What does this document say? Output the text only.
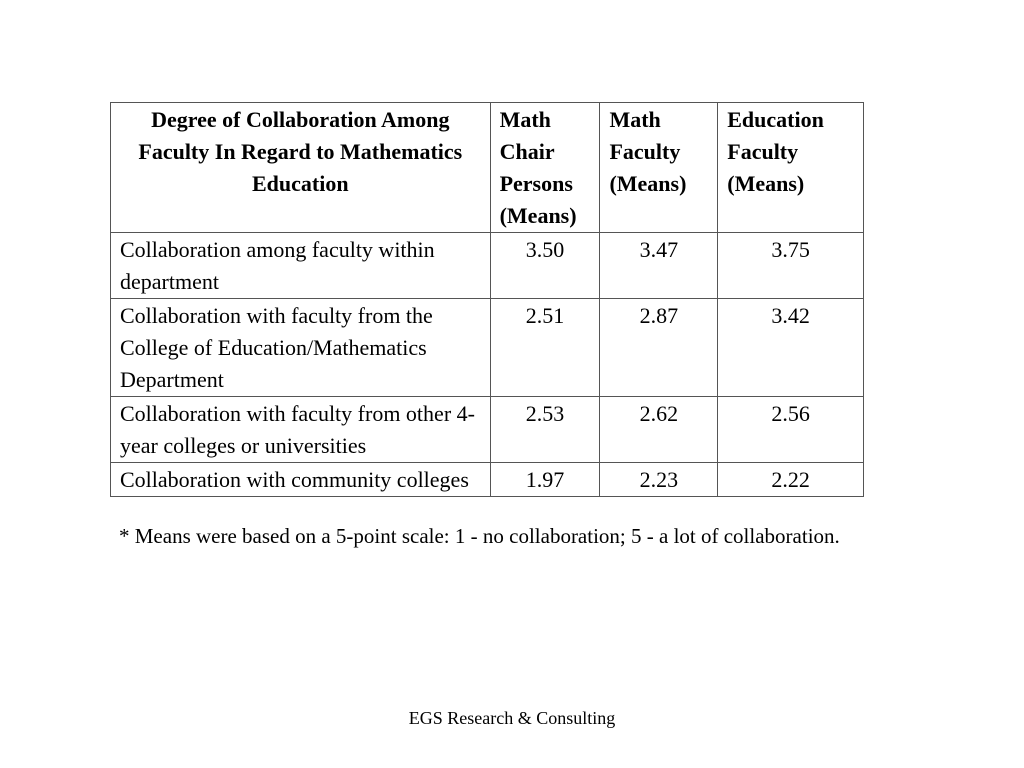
Degree of Collaboration Among Faculty In Regard to Mathematics Education	Math Chair Persons (Means)	Math Faculty (Means)	Education Faculty (Means)
Collaboration among faculty within department	3.50	3.47	3.75
Collaboration with faculty from the College of Education/Mathematics Department	2.51	2.87	3.42
Collaboration with faculty from other 4-year colleges or universities	2.53	2.62	2.56
Collaboration with community colleges	1.97	2.23	2.22
* Means were based on a 5-point scale: 1 - no collaboration; 5 - a lot of collaboration.
EGS Research & Consulting
